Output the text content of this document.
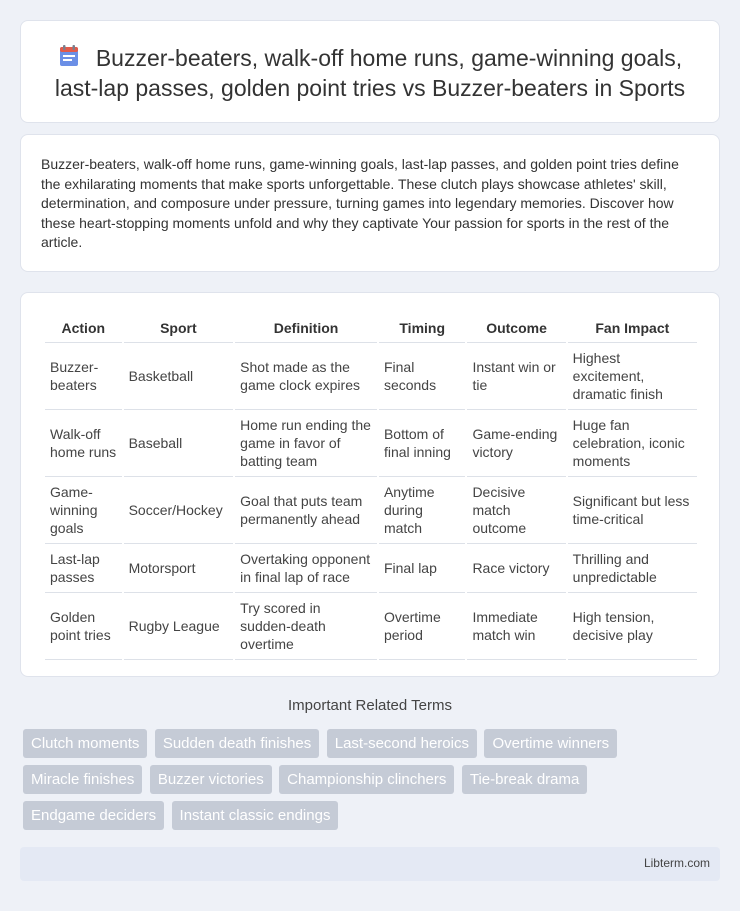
Buzzer-beaters, walk-off home runs, game-winning goals, last-lap passes, golden point tries vs Buzzer-beaters in Sports

Buzzer-beaters, walk-off home runs, game-winning goals, last-lap passes, and golden point tries define the exhilarating moments that make sports unforgettable. These clutch plays showcase athletes' skill, determination, and composure under pressure, turning games into legendary memories. Discover how these heart-stopping moments unfold and why they captivate Your passion for sports in the rest of the article.

Action	Sport	Definition	Timing	Outcome	Fan Impact
Buzzer-beaters	Basketball	Shot made as the game clock expires	Final seconds	Instant win or tie	Highest excitement, dramatic finish
Walk-off home runs	Baseball	Home run ending the game in favor of batting team	Bottom of final inning	Game-ending victory	Huge fan celebration, iconic moments
Game-winning goals	Soccer/Hockey	Goal that puts team permanently ahead	Anytime during match	Decisive match outcome	Significant but less time-critical
Last-lap passes	Motorsport	Overtaking opponent in final lap of race	Final lap	Race victory	Thrilling and unpredictable
Golden point tries	Rugby League	Try scored in sudden-death overtime	Overtime period	Immediate match win	High tension, decisive play
Important Related Terms
Clutch moments Sudden death finishes Last-second heroics Overtime winners Miracle finishes Buzzer victories Championship clinchers Tie-break drama Endgame deciders Instant classic endings
Libterm.com
